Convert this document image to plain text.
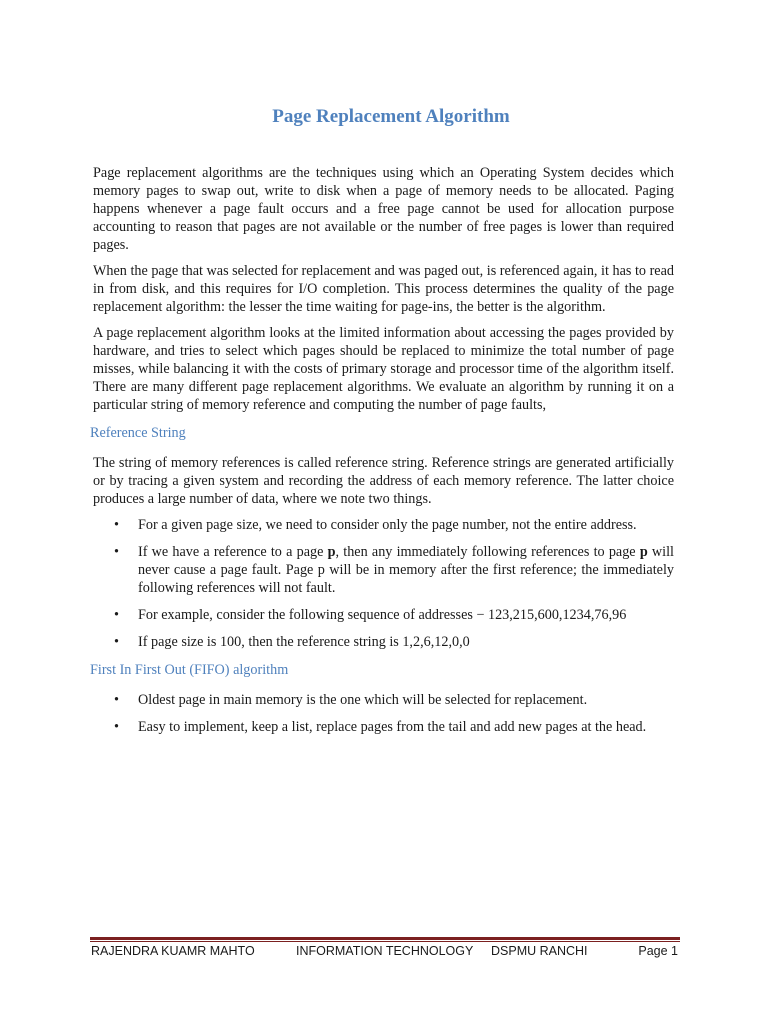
Page Replacement Algorithm

Page replacement algorithms are the techniques using which an Operating System decides which memory pages to swap out, write to disk when a page of memory needs to be allocated. Paging happens whenever a page fault occurs and a free page cannot be used for allocation purpose accounting to reason that pages are not available or the number of free pages is lower than required pages.

When the page that was selected for replacement and was paged out, is referenced again, it has to read in from disk, and this requires for I/O completion. This process determines the quality of the page replacement algorithm: the lesser the time waiting for page-ins, the better is the algorithm.

A page replacement algorithm looks at the limited information about accessing the pages provided by hardware, and tries to select which pages should be replaced to minimize the total number of page misses, while balancing it with the costs of primary storage and processor time of the algorithm itself. There are many different page replacement algorithms. We evaluate an algorithm by running it on a particular string of memory reference and computing the number of page faults,

Reference String

The string of memory references is called reference string. Reference strings are generated artificially or by tracing a given system and recording the address of each memory reference. The latter choice produces a large number of data, where we note two things.

• For a given page size, we need to consider only the page number, not the entire address.
• If we have a reference to a page p, then any immediately following references to page p will never cause a page fault. Page p will be in memory after the first reference; the immediately following references will not fault.
• For example, consider the following sequence of addresses − 123,215,600,1234,76,96
• If page size is 100, then the reference string is 1,2,6,12,0,0
First In First Out (FIFO) algorithm
• Oldest page in main memory is the one which will be selected for replacement.
• Easy to implement, keep a list, replace pages from the tail and add new pages at the head.
RAJENDRA KUAMR MAHTO	INFORMATION TECHNOLOGY DSPMU RANCHI	Page 1
